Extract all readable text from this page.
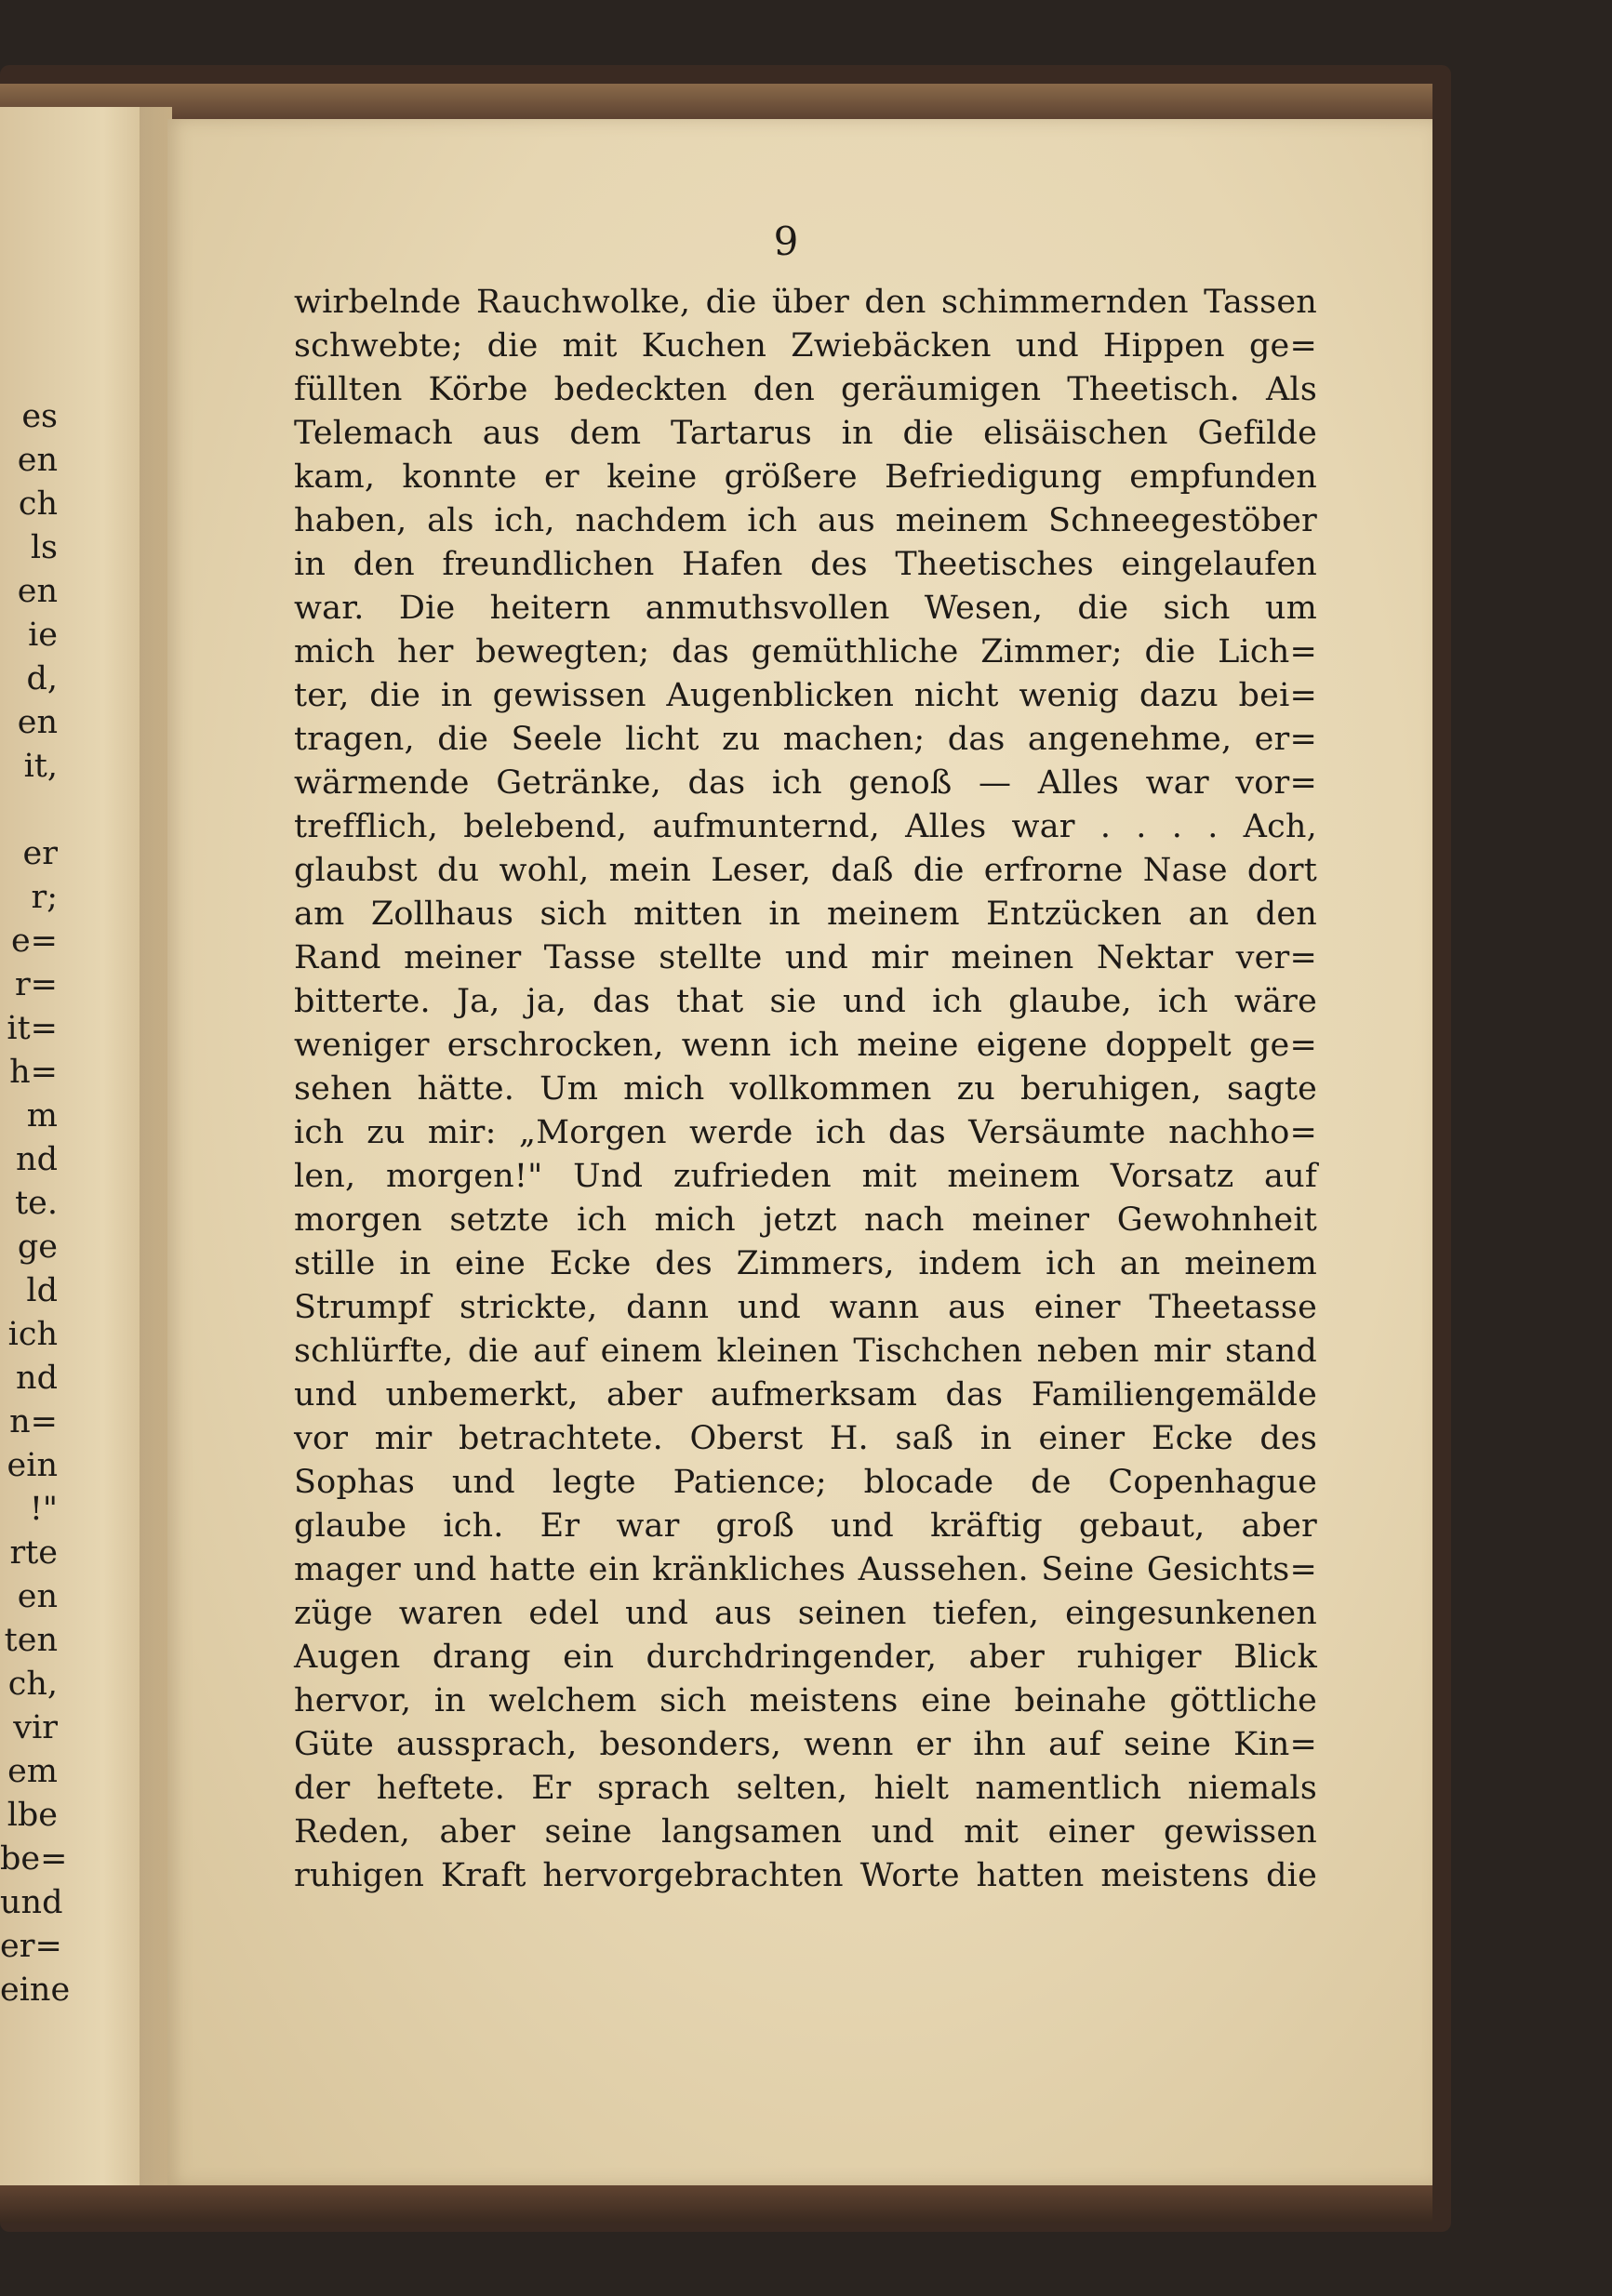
es
en
ch
ls
en
ie
d,
en
it,
er
r;
e=
r=
it=
h=
m
nd
te.
ge
ld
ich
nd
n=
ein
!"
rte
en
ten
ch,
vir
em
lbe
be=
und
er=
eine
9
wirbelnde Rauchwolke, die über den schimmernden Tassen
schwebte; die mit Kuchen Zwiebäcken und Hippen ge=
füllten Körbe bedeckten den geräumigen Theetisch. Als
Telemach aus dem Tartarus in die elisäischen Gefilde
kam, konnte er keine größere Befriedigung empfunden
haben, als ich, nachdem ich aus meinem Schneegestöber
in den freundlichen Hafen des Theetisches eingelaufen
war. Die heitern anmuthsvollen Wesen, die sich um
mich her bewegten; das gemüthliche Zimmer; die Lich=
ter, die in gewissen Augenblicken nicht wenig dazu bei=
tragen, die Seele licht zu machen; das angenehme, er=
wärmende Getränke, das ich genoß — Alles war vor=
trefflich, belebend, aufmunternd, Alles war . . . . Ach,
glaubst du wohl, mein Leser, daß die erfrorne Nase dort
am Zollhaus sich mitten in meinem Entzücken an den
Rand meiner Tasse stellte und mir meinen Nektar ver=
bitterte. Ja, ja, das that sie und ich glaube, ich wäre
weniger erschrocken, wenn ich meine eigene doppelt ge=
sehen hätte. Um mich vollkommen zu beruhigen, sagte
ich zu mir: „Morgen werde ich das Versäumte nachho=
len, morgen!" Und zufrieden mit meinem Vorsatz auf
morgen setzte ich mich jetzt nach meiner Gewohnheit
stille in eine Ecke des Zimmers, indem ich an meinem
Strumpf strickte, dann und wann aus einer Theetasse
schlürfte, die auf einem kleinen Tischchen neben mir stand
und unbemerkt, aber aufmerksam das Familiengemälde
vor mir betrachtete. Oberst H. saß in einer Ecke des
Sophas und legte Patience; blocade de Copenhague
glaube ich. Er war groß und kräftig gebaut, aber
mager und hatte ein kränkliches Aussehen. Seine Gesichts=
züge waren edel und aus seinen tiefen, eingesunkenen
Augen drang ein durchdringender, aber ruhiger Blick
hervor, in welchem sich meistens eine beinahe göttliche
Güte aussprach, besonders, wenn er ihn auf seine Kin=
der heftete. Er sprach selten, hielt namentlich niemals
Reden, aber seine langsamen und mit einer gewissen
ruhigen Kraft hervorgebrachten Worte hatten meistens die
